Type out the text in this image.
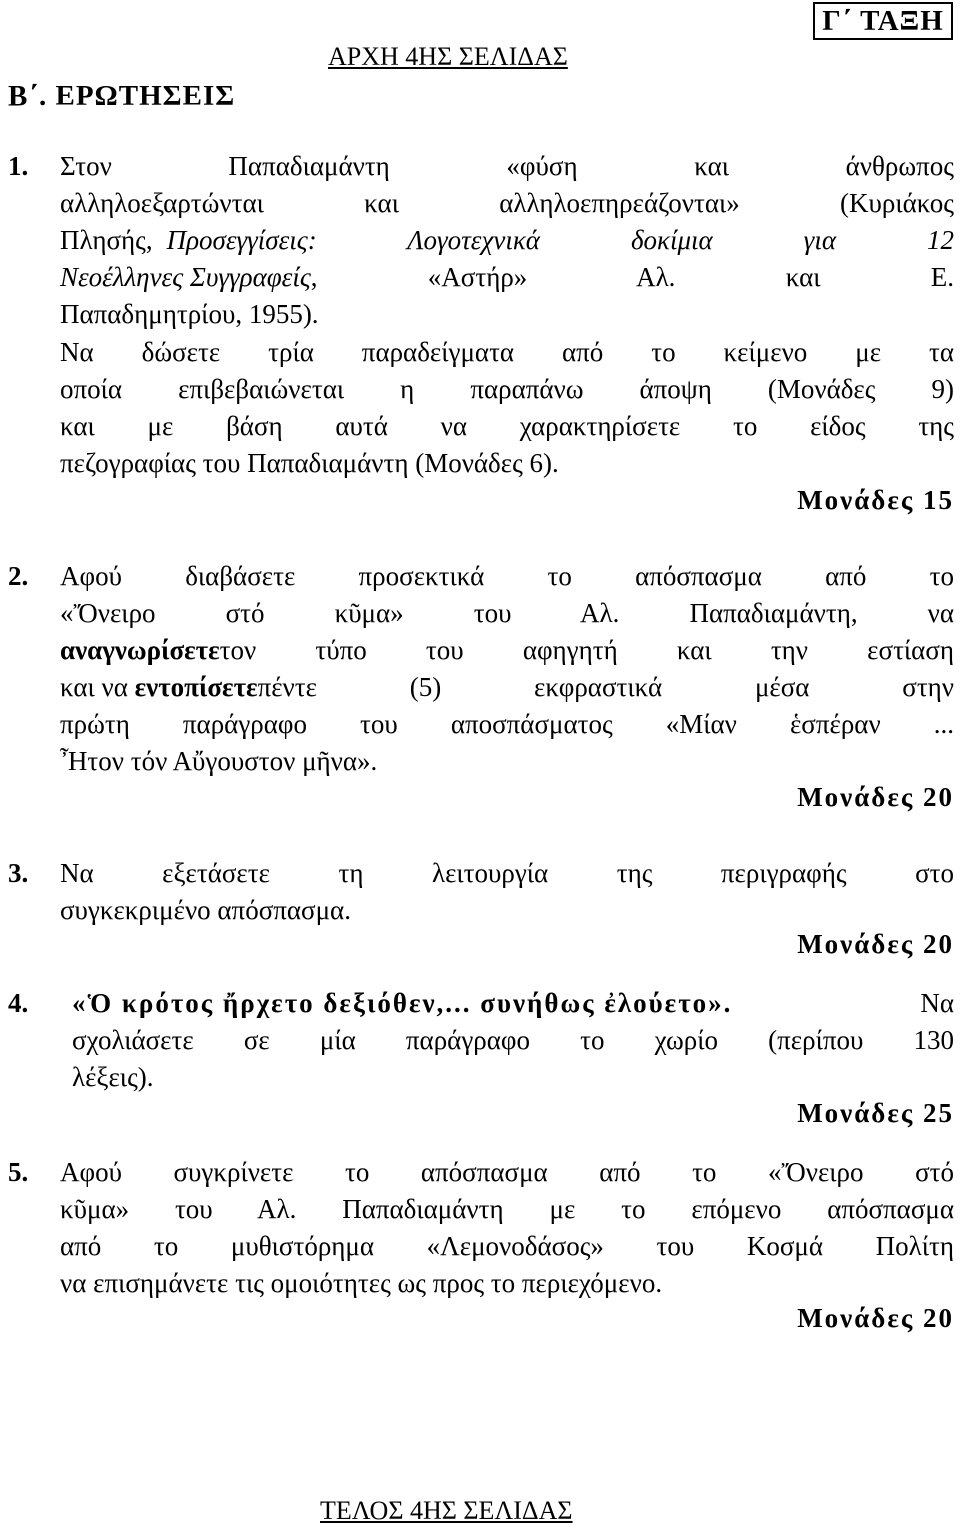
Γ΄ ΤΑΞΗ
ΑΡΧΗ 4ΗΣ ΣΕΛΙΔΑΣ
Β΄. ΕΡΩΤΗΣΕΙΣ
1. Στον Παπαδιαμάντη «φύση και άνθρωπος
αλληλοεξαρτώνται και αλληλοεπηρεάζονται» (Κυριάκος
Πλησής, Προσεγγίσεις: Λογοτεχνικά δοκίμια για 12
Νεοέλληνες Συγγραφείς , «Αστήρ» Αλ. και Ε.
Παπαδημητρίου, 1955).
Να δώσετε τρία παραδείγματα από το κείμενο με τα
οποία επιβεβαιώνεται η παραπάνω άποψη (Μονάδες 9)
και με βάση αυτά να χαρακτηρίσετε το είδος της
πεζογραφίας του Παπαδιαμάντη (Μονάδες 6).
Μονάδες 15
2. Αφού διαβάσετε προσεκτικά το απόσπασμα από το
«Ὄνειρο στό κῦμα» του Αλ. Παπαδιαμάντη, να
αναγνωρίσετε τον τύπο του αφηγητή και την εστίαση
και να εντοπίσετε πέντε (5) εκφραστικά μέσα στην
πρώτη παράγραφο του αποσπάσματος «Μίαν ἑσπέραν ...
Ἦτον τόν Αὔγουστον μῆνα».
Μονάδες 20
3. Να εξετάσετε τη λειτουργία της περιγραφής στο
συγκεκριμένο απόσπασμα.
Μονάδες 20
4. «Ὁ κρότος ἤρχετο δεξιόθεν,... συνήθως ἐλούετο».	Να
σχολιάσετε σε μία παράγραφο το χωρίο (περίπου 130
λέξεις).
Μονάδες 25
5. Αφού συγκρίνετε το απόσπασμα από το «Ὄνειρο στό
κῦμα» του Αλ. Παπαδιαμάντη με το επόμενο απόσπασμα
από το μυθιστόρημα «Λεμονοδάσος» του Κοσμά Πολίτη
να επισημάνετε τις ομοιότητες ως προς το περιεχόμενο.
Μονάδες 20
ΤΕΛΟΣ 4ΗΣ ΣΕΛΙΔΑΣ
